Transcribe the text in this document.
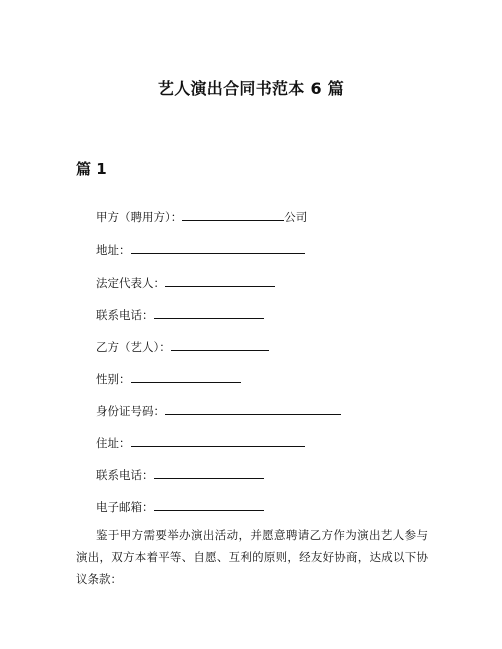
艺人演出合同书范本 6 篇
篇 1
甲方（聘用方）：	公司
地址：
法定代表人：
联系电话：
乙方（艺人）：
性别：
身份证号码：
住址：
联系电话：
电子邮箱：
鉴于甲方需要举办演出活动，并愿意聘请乙方作为演出艺人参与演出，双方本着平等、自愿、互利的原则，经友好协商，达成以下协议条款：
